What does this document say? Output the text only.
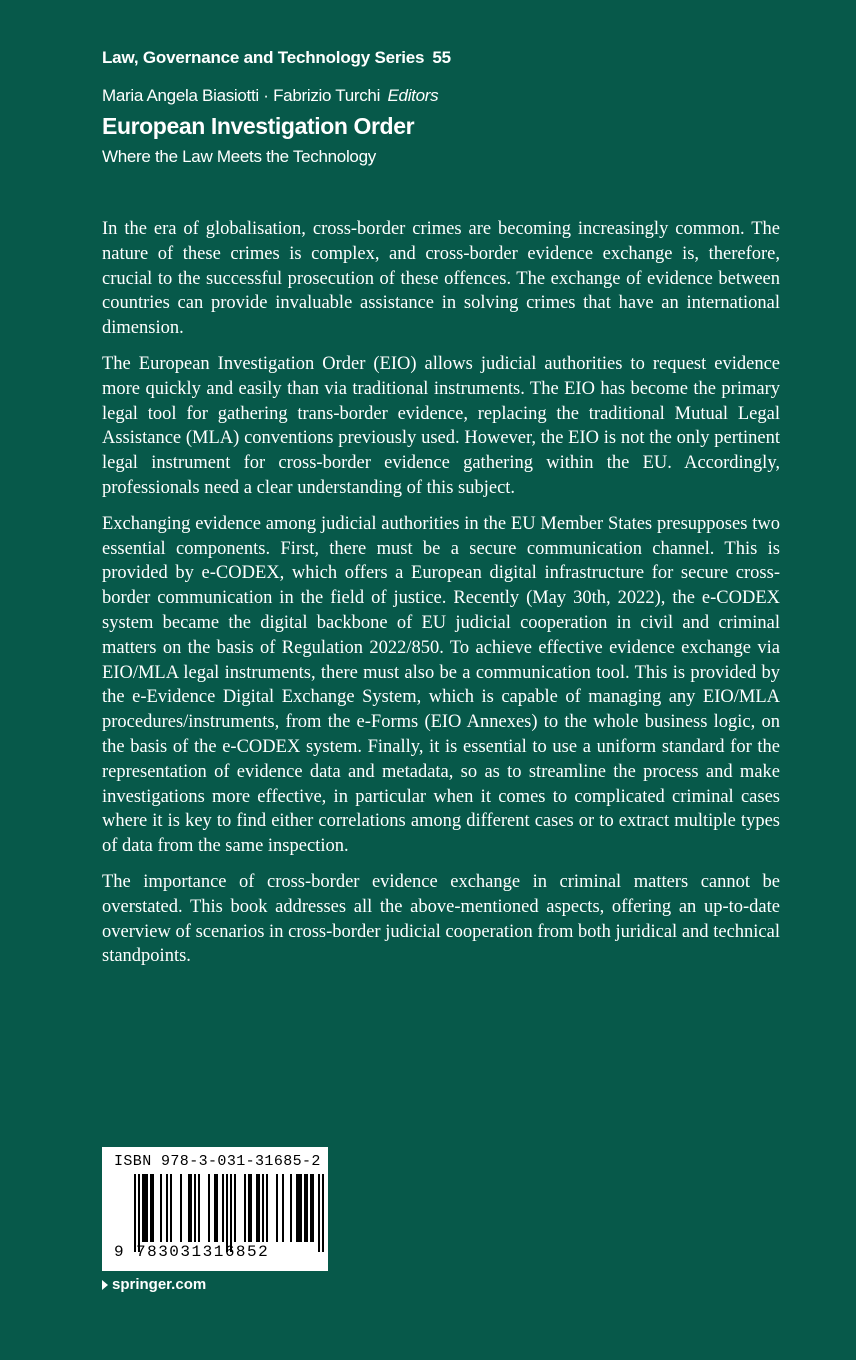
Law, Governance and Technology Series 55
Maria Angela Biasiotti · Fabrizio Turchi Editors
European Investigation Order
Where the Law Meets the Technology

In the era of globalisation, cross-border crimes are becoming increasingly common. The nature of these crimes is complex, and cross-border evidence exchange is, therefore, crucial to the successful prosecution of these offences. The exchange of evidence between countries can provide invaluable assistance in solving crimes that have an international dimension.

The European Investigation Order (EIO) allows judicial authorities to request evidence more quickly and easily than via traditional instruments. The EIO has become the primary legal tool for gathering trans-border evidence, replacing the traditional Mutual Legal Assistance (MLA) conventions previously used. However, the EIO is not the only pertinent legal instrument for cross-border evidence gathering within the EU. Accordingly, professionals need a clear understanding of this subject.

Exchanging evidence among judicial authorities in the EU Member States presupposes two essential components. First, there must be a secure communication channel. This is provided by e-CODEX, which offers a European digital infrastructure for secure cross-border communication in the field of justice. Recently (May 30th, 2022), the e-CODEX system became the digital backbone of EU judicial cooperation in civil and criminal matters on the basis of Regulation 2022/850. To achieve effective evidence exchange via EIO/MLA legal instruments, there must also be a communication tool. This is provided by the e-Evidence Digital Exchange System, which is capable of managing any EIO/MLA procedures/instruments, from the e-Forms (EIO Annexes) to the whole business logic, on the basis of the e-CODEX system. Finally, it is essential to use a uniform standard for the representation of evidence data and metadata, so as to streamline the process and make investigations more effective, in particular when it comes to complicated criminal cases where it is key to find either correlations among different cases or to extract multiple types of data from the same inspection.

The importance of cross-border evidence exchange in criminal matters cannot be overstated. This book addresses all the above-mentioned aspects, offering an up-to-date overview of scenarios in cross-border judicial cooperation from both juridical and technical standpoints.

ISBN 978-3-031-31685-2
9 783031316852
springer.com
